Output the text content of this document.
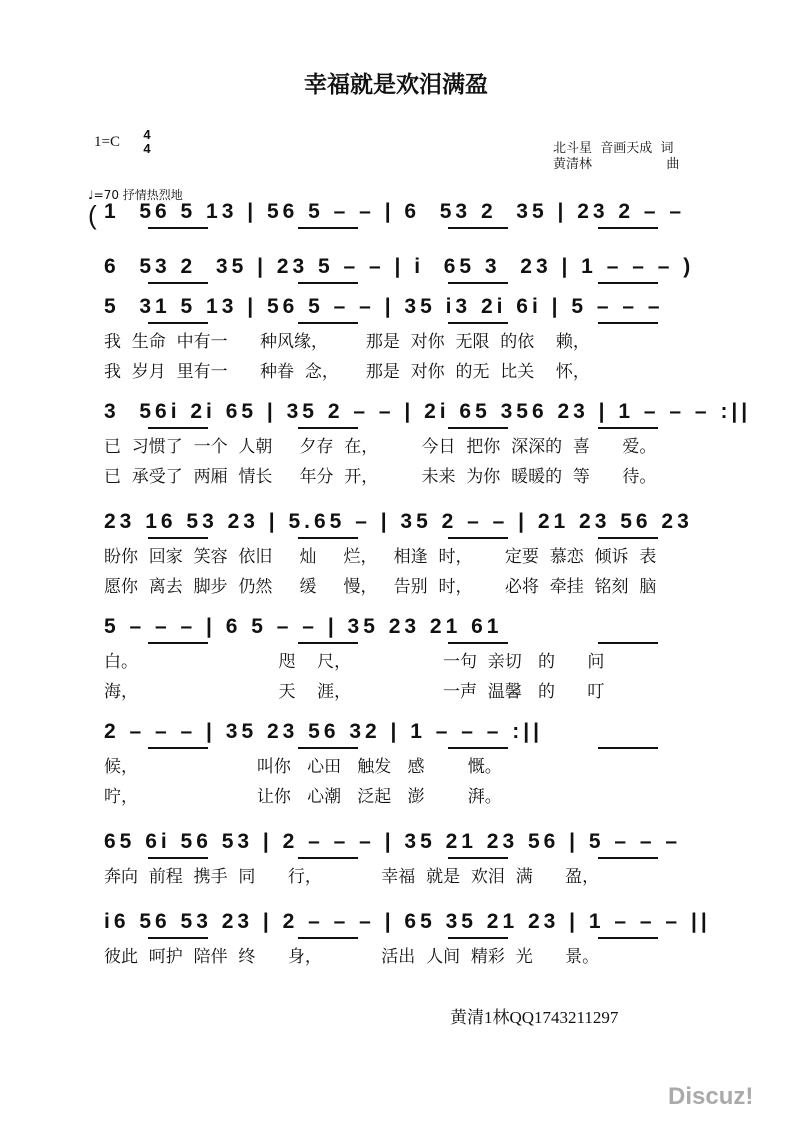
幸福就是欢泪满盈
1=C 4
4	北斗星  音画天成  词
黄清林                  曲
♩=70 抒情热烈地
1  56 5 13 | 56 5 – – | 6  53 2  35 | 23 2 – –
6  53 2  35 | 23 5 – – | i  65 3  23 | 1 – – – )
5  31 5 13 | 56 5 – – | 35 i3 2i 6i | 5 – – –
我  生命  中有一      种风缘，       那是  对你  无限  的依    赖，
我  岁月  里有一      种眷  念，     那是  对你  的无  比关    怀，
3  56i 2i 65 | 35 2 – – | 2i 65 356 23 | 1 – – – :||
已  习惯了  一个  人朝     夕存  在，        今日  把你  深深的  喜      爱。
已  承受了  两厢  情长     年分  开，        未来  为你  暖暖的  等      待。
23 16 53 23 | 5.65 – | 35 2 – – | 21 23 56 23
盼你  回家  笑容  依旧     灿     烂，   相逢  时，      定要  慕恋  倾诉  表
愿你  离去  脚步  仍然     缓     慢，   告别  时，      必将  牵挂  铭刻  脑
5 – – – | 6 5 – – | 35 23 21 61
白。                          咫    尺，                 一句  亲切   的      问
海，                          天    涯，                 一声  温馨   的      叮
2 – – – | 35 23 56 32 | 1 – – – :||
候，                      叫你   心田   触发   感        慨。
咛，                      让你   心潮   泛起   澎        湃。
65 6i 56 53 | 2 – – – | 35 21 23 56 | 5 – – –
奔向  前程  携手  同      行，           幸福  就是  欢泪  满      盈，
i6 56 53 23 | 2 – – – | 65 35 21 23 | 1 – – – ||
彼此  呵护  陪伴  终      身，           活出  人间  精彩  光      景。
(
黄清1林QQ1743211297
Discuz!
